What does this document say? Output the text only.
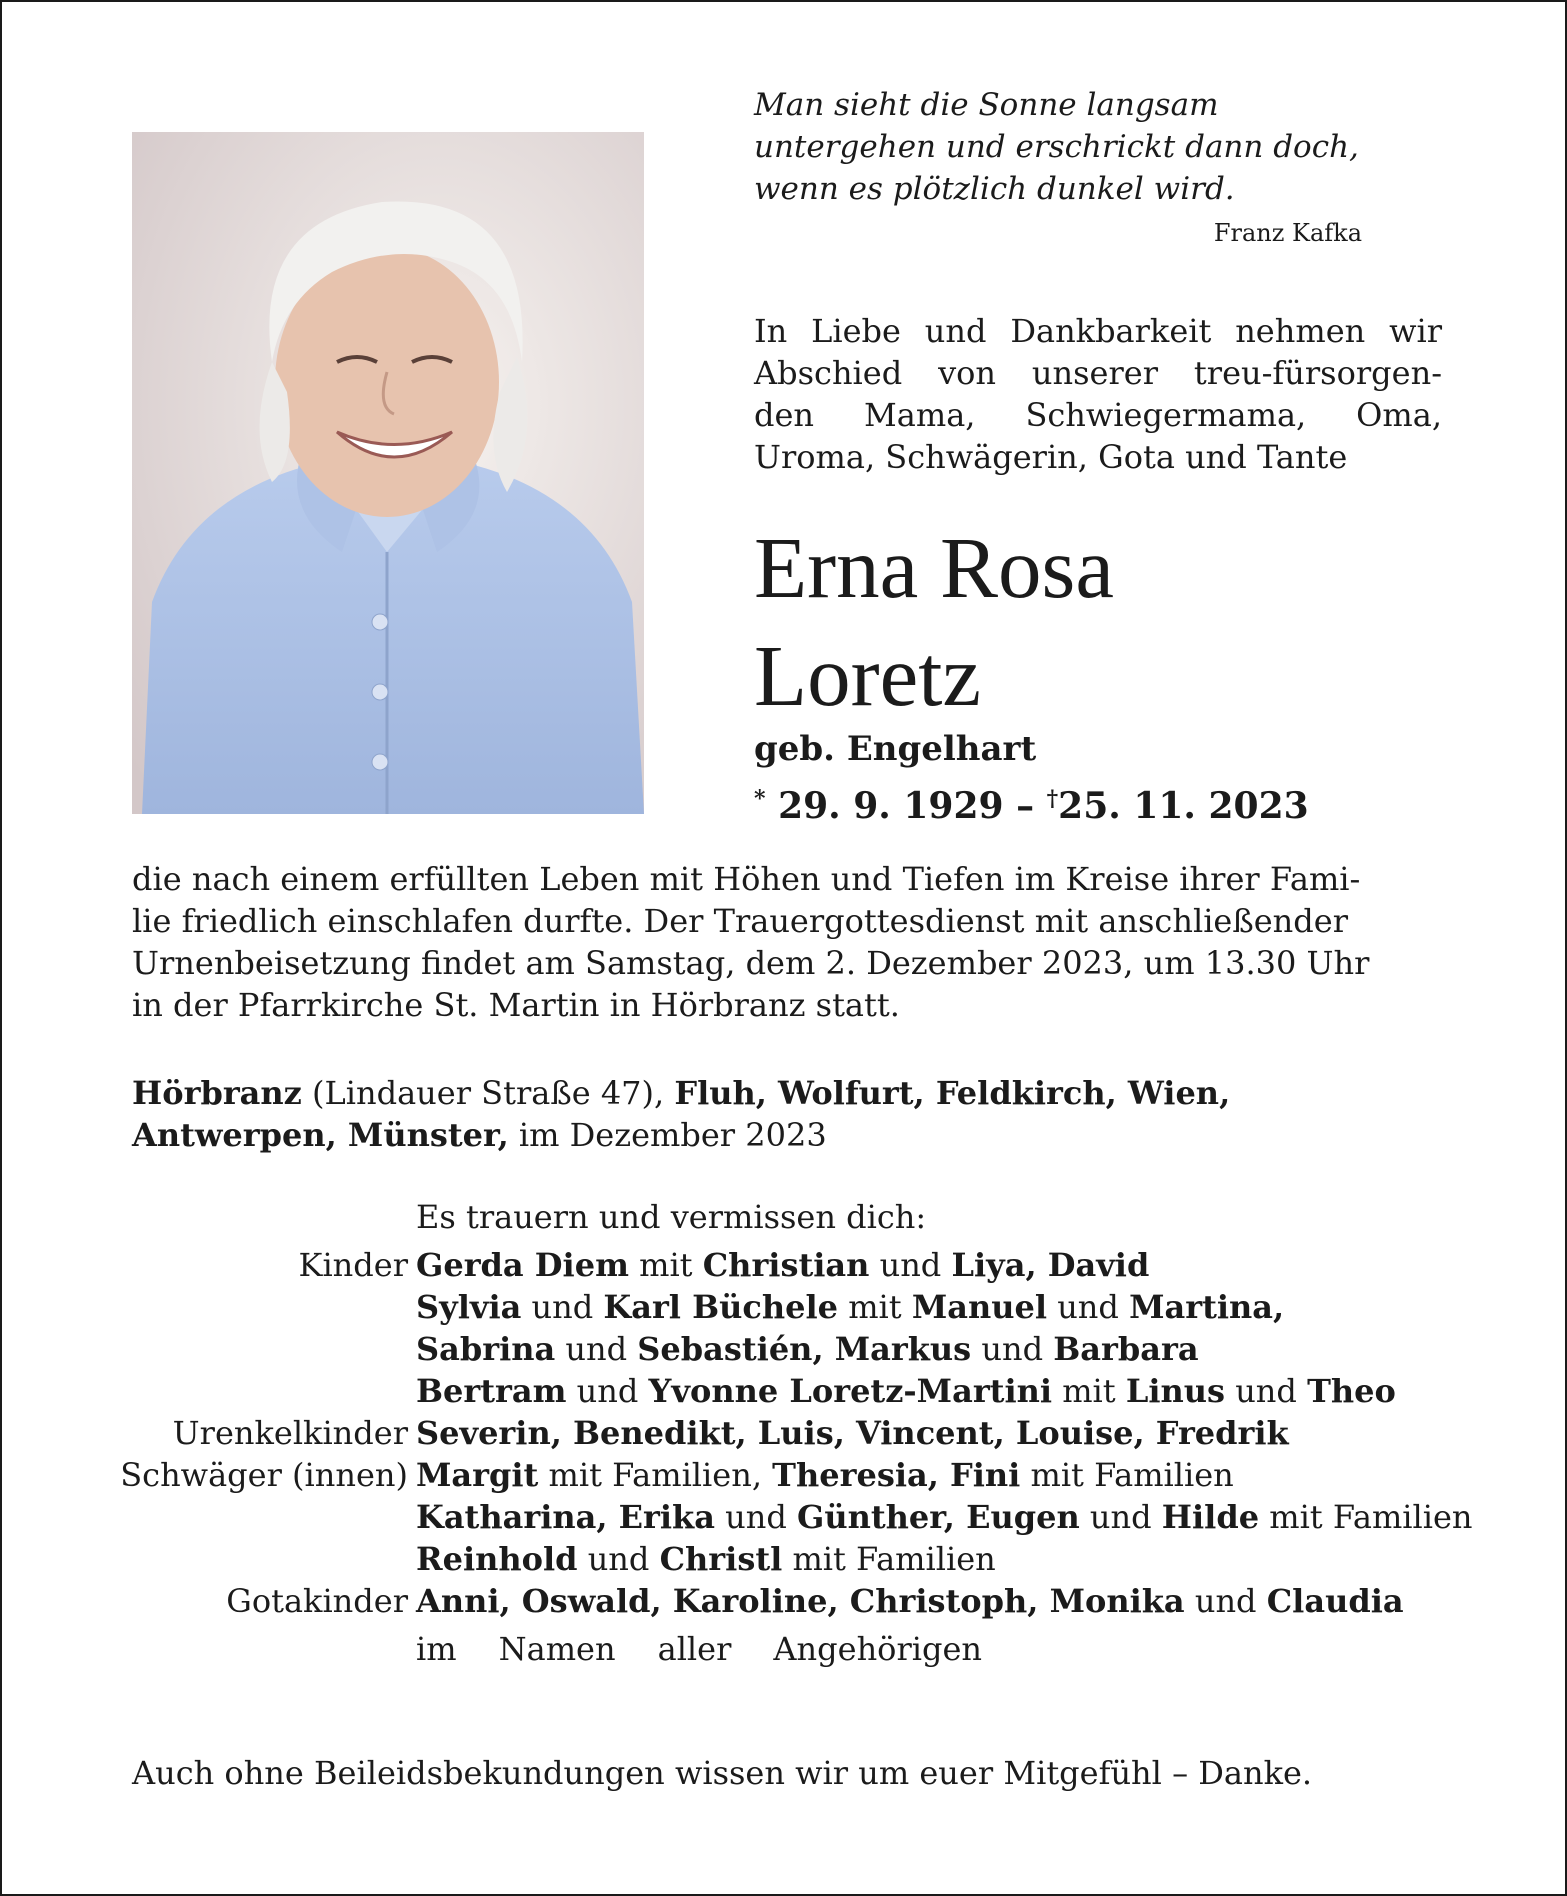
Man sieht die Sonne langsam
untergehen und erschrickt dann doch,
wenn es plötzlich dunkel wird.
Franz Kafka
In Liebe und Dankbarkeit nehmen wir
Abschied von unserer treu-fürsorgen-
den Mama, Schwiegermama, Oma,
Uroma, Schwägerin, Gota und Tante
Erna Rosa
Loretz
geb. Engelhart
* 29. 9. 1929 – †25. 11. 2023
die nach einem erfüllten Leben mit Höhen und Tiefen im Kreise ihrer Fami-
lie friedlich einschlafen durfte. Der Trauergottesdienst mit anschließender
Urnenbeisetzung findet am Samstag, dem 2. Dezember 2023, um 13.30 Uhr
in der Pfarrkirche St. Martin in Hörbranz statt.
Hörbranz (Lindauer Straße 47), Fluh, Wolfurt, Feldkirch, Wien,
Antwerpen, Münster, im Dezember 2023
Es trauern und vermissen dich:
Kinder Gerda Diem mit Christian und Liya, David
Sylvia und Karl Büchele mit Manuel und Martina,
Sabrina und Sebastién, Markus und Barbara
Bertram und Yvonne Loretz-Martini mit Linus und Theo
Urenkelkinder Severin, Benedikt, Luis, Vincent, Louise, Fredrik
Schwäger (innen) Margit mit Familien, Theresia, Fini mit Familien
Katharina, Erika und Günther, Eugen und Hilde mit Familien
Reinhold und Christl mit Familien
Gotakinder Anni, Oswald, Karoline, Christoph, Monika und Claudia
im Namen aller Angehörigen
Auch ohne Beileidsbekundungen wissen wir um euer Mitgefühl – Danke.
